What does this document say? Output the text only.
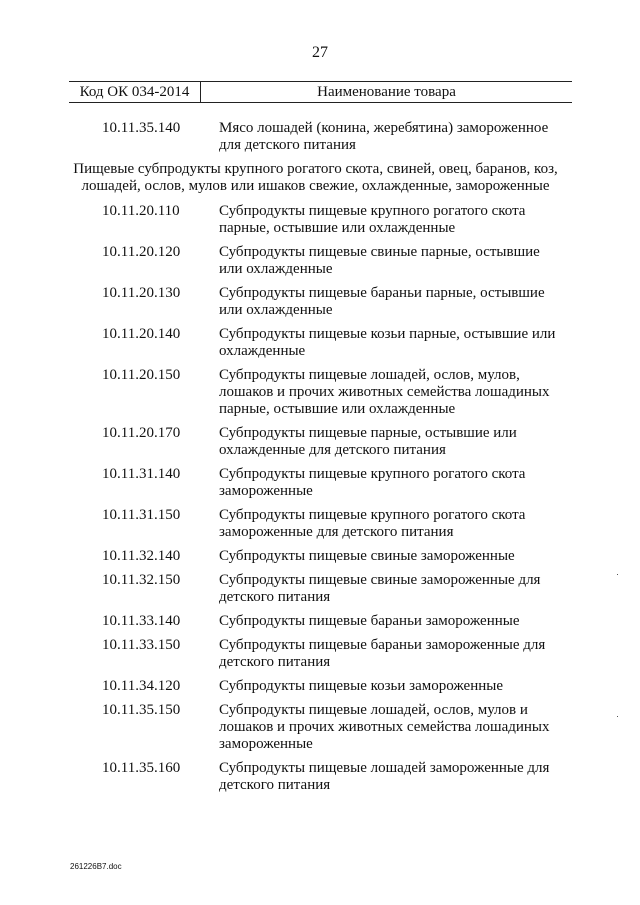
27
Код ОК 034-2014	Наименование товара
10.11.35.140	Мясо лошадей (конина, жеребятина) замороженное для детского питания
Пищевые субпродукты крупного рогатого скота, свиней, овец, баранов, коз, лошадей, ослов, мулов или ишаков свежие, охлажденные, замороженные
10.11.20.110	Субпродукты пищевые крупного рогатого скота парные, остывшие или охлажденные
10.11.20.120	Субпродукты пищевые свиные парные, остывшие или охлажденные
10.11.20.130	Субпродукты пищевые бараньи парные, остывшие или охлажденные
10.11.20.140	Субпродукты пищевые козьи парные, остывшие или охлажденные
10.11.20.150	Субпродукты пищевые лошадей, ослов, мулов, лошаков и прочих животных семейства лошадиных парные, остывшие или охлажденные
10.11.20.170	Субпродукты пищевые парные, остывшие или охлажденные для детского питания
10.11.31.140	Субпродукты пищевые крупного рогатого скота замороженные
10.11.31.150	Субпродукты пищевые крупного рогатого скота замороженные для детского питания
10.11.32.140	Субпродукты пищевые свиные замороженные
10.11.32.150	Субпродукты пищевые свиные замороженные для детского питания
10.11.33.140	Субпродукты пищевые бараньи замороженные
10.11.33.150	Субпродукты пищевые бараньи замороженные для детского питания
10.11.34.120	Субпродукты пищевые козьи замороженные
10.11.35.150	Субпродукты пищевые лошадей, ослов, мулов и лошаков и прочих животных семейства лошадиных замороженные
10.11.35.160	Субпродукты пищевые лошадей замороженные для детского питания
261226B7.doc
